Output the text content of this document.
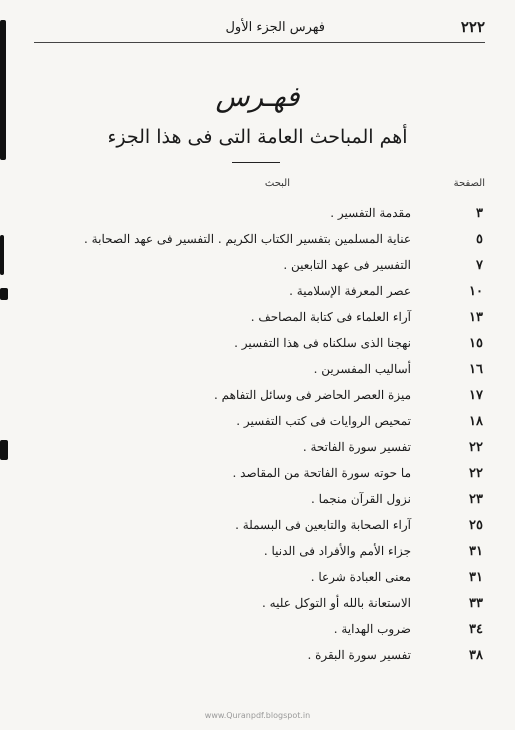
٢٢٢
فهرس الجزء الأول
فهـرس
أهم المباحث العامة التى فى هذا الجزء
الصفحة
البحث
٣
مقدمة التفسير .
٥
عناية المسلمين بتفسير الكتاب الكريم . التفسير فى عهد الصحابة .
٧
التفسير فى عهد التابعين .
١٠
عصر المعرفة الإسلامية .
١٣
آراء العلماء فى كتابة المصاحف .
١٥
نهجنا الذى سلكناه فى هذا التفسير .
١٦
أساليب المفسرين .
١٧
ميزة العصر الحاضر فى وسائل التفاهم .
١٨
تمحيص الروايات فى كتب التفسير .
٢٢
تفسير سورة الفاتحة .
٢٢
ما حوته سورة الفاتحة من المقاصد .
٢٣
نزول القرآن منجما .
٢٥
آراء الصحابة والتابعين فى البسملة .
٣١
جزاء الأمم والأفراد فى الدنيا .
٣١
معنى العبادة شرعا .
٣٣
الاستعانة بالله أو التوكل عليه .
٣٤
ضروب الهداية .
٣٨
تفسير سورة البقرة .
www.Quranpdf.blogspot.in
